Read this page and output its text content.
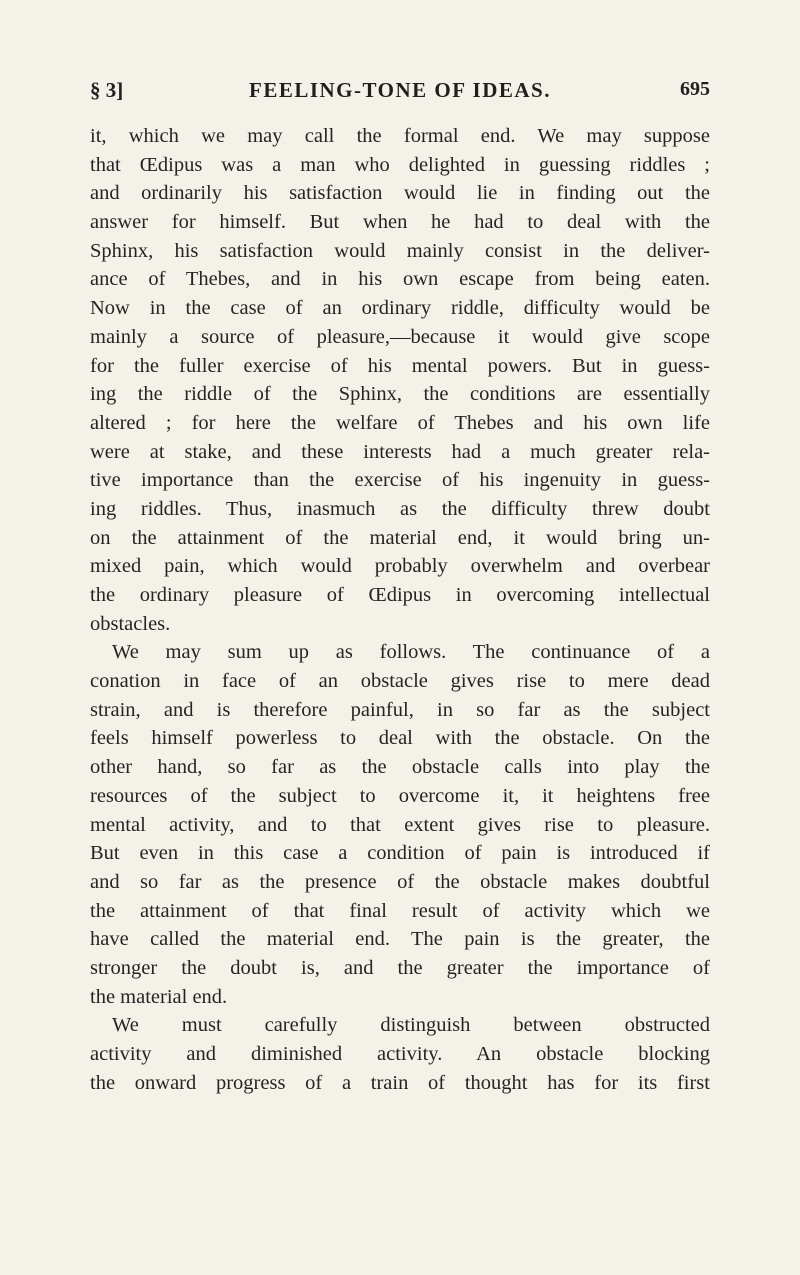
§ 3]	FEELING-TONE OF IDEAS.	695
it, which we may call the formal end. We may suppose
that Œdipus was a man who delighted in guessing riddles ;
and ordinarily his satisfaction would lie in finding out the
answer for himself. But when he had to deal with the
Sphinx, his satisfaction would mainly consist in the deliver-
ance of Thebes, and in his own escape from being eaten.
Now in the case of an ordinary riddle, difficulty would be
mainly a source of pleasure,—because it would give scope
for the fuller exercise of his mental powers. But in guess-
ing the riddle of the Sphinx, the conditions are essentially
altered ; for here the welfare of Thebes and his own life
were at stake, and these interests had a much greater rela-
tive importance than the exercise of his ingenuity in guess-
ing riddles. Thus, inasmuch as the difficulty threw doubt
on the attainment of the material end, it would bring un-
mixed pain, which would probably overwhelm and overbear
the ordinary pleasure of Œdipus in overcoming intellectual
obstacles.
We may sum up as follows. The continuance of a
conation in face of an obstacle gives rise to mere dead
strain, and is therefore painful, in so far as the subject
feels himself powerless to deal with the obstacle. On the
other hand, so far as the obstacle calls into play the
resources of the subject to overcome it, it heightens free
mental activity, and to that extent gives rise to pleasure.
But even in this case a condition of pain is introduced if
and so far as the presence of the obstacle makes doubtful
the attainment of that final result of activity which we
have called the material end. The pain is the greater, the
stronger the doubt is, and the greater the importance of
the material end.
We must carefully distinguish between obstructed
activity and diminished activity. An obstacle blocking
the onward progress of a train of thought has for its first
